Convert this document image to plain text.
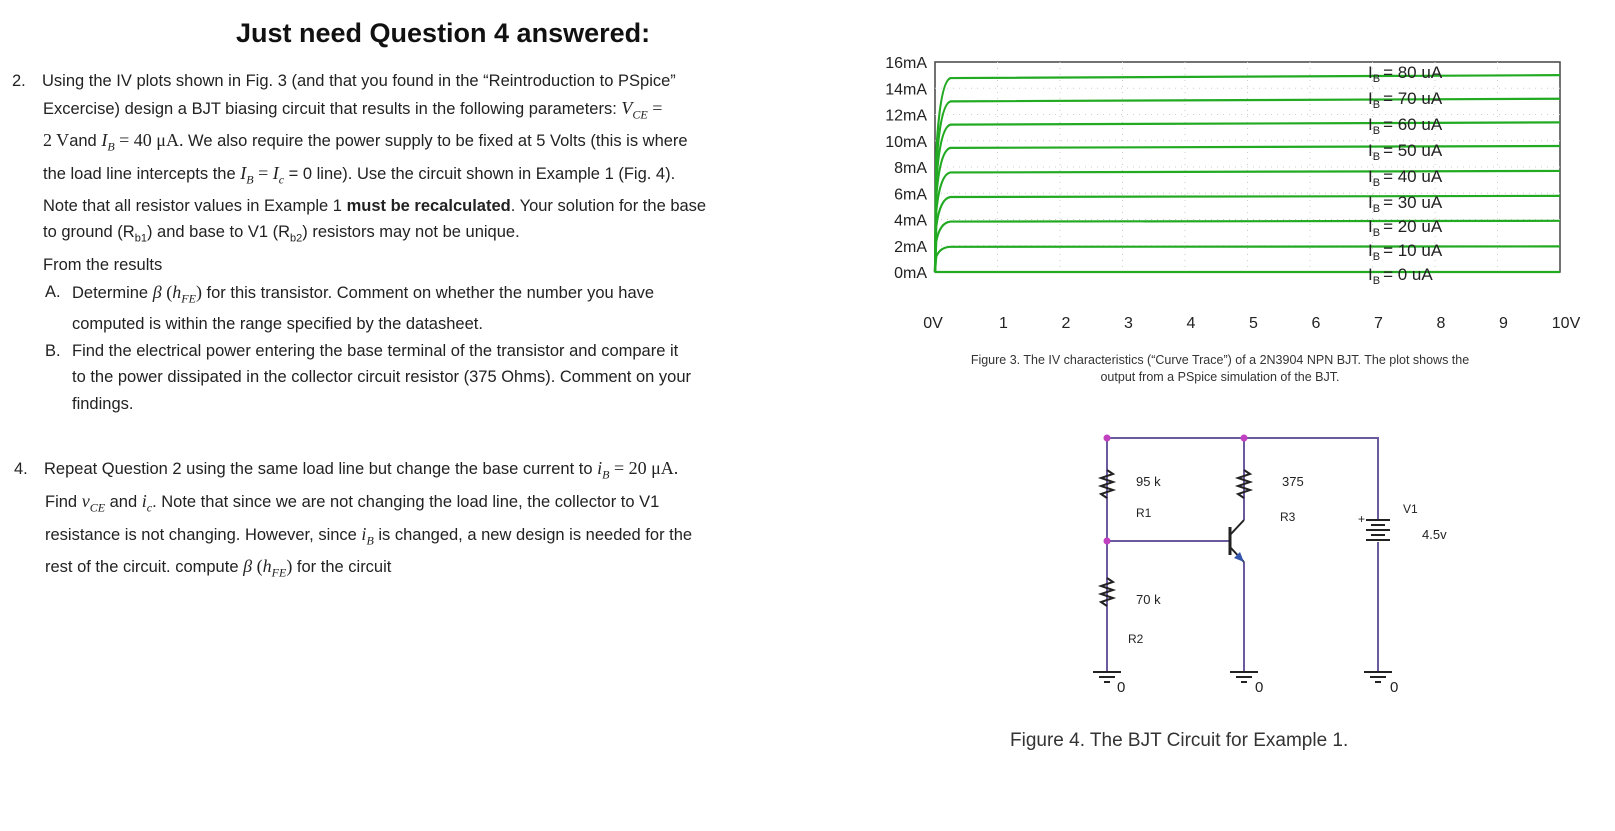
Just need Question 4 answered:
2. Using the IV plots shown in Fig. 3 (and that you found in the “Reintroduction to PSpice”
Excercise) design a BJT biasing circuit that results in the following parameters: $V_{CE}$ =
2 Vand $I_B = 40$ μA. We also require the power supply to be fixed at 5 Volts (this is where
the load line intercepts the $I_B = I_c = 0$ line). Use the circuit shown in Example 1 (Fig. 4).
Note that all resistor values in Example 1 must be recalculated. Your solution for the base
to ground $(R_{b1})$ and base to V1 $(R_{b2})$ resistors may not be unique.
From the results
A. Determine β $(h_{FE})$ for this transistor. Comment on whether the number you have
computed is within the range specified by the datasheet.
B. Find the electrical power entering the base terminal of the transistor and compare it
to the power dissipated in the collector circuit resistor (375 Ohms). Comment on your
findings.
4. Repeat Question 2 using the same load line but change the base current to $i_B = 20$ μA.
Find $v_{CE}$ and $i_c$. Note that since we are not changing the load line, the collector to V1
resistance is not changing. However, since $i_B$ is changed, a new design is needed for the
rest of the circuit. compute β $(h_{FE})$ for the circuit
0mA
2mA
4mA
6mA
8mA
10mA
12mA
14mA
16mA
0V	1	2	3	4	5	6	7	8	9	10V
$I_B = 80$ uA
$I_B = 70$ uA
$I_B = 60$ uA
$I_B = 50$ uA
$I_B = 40$ uA
$I_B = 30$ uA
$I_B = 20$ uA
$I_B = 10$ uA
$I_B = 0$ uA
+
95 k
R1
70 k
R2
375
R3
V1
4.5v
0	0	0
Figure 3. The IV characteristics (“Curve Trace”) of a 2N3904 NPN BJT. The plot shows the
output from a PSpice simulation of the BJT.
Figure 4. The BJT Circuit for Example 1.
